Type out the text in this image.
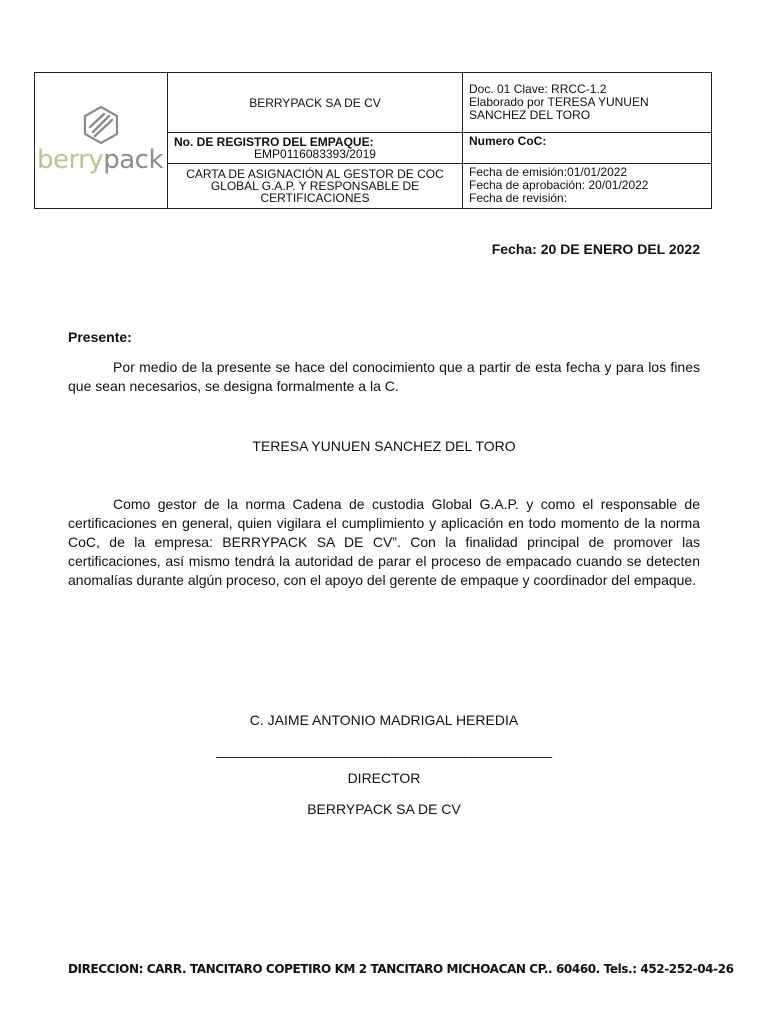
berrypack	BERRYPACK SA DE CV	Doc. 01 Clave: RRCC-1.2
Elaborado por TERESA YUNUEN SANCHEZ DEL TORO

	No. DE REGISTRO DEL EMPAQUE:
EMP0116083393/2019	Numero CoC:
	CARTA DE ASIGNACIÓN AL GESTOR DE COC GLOBAL G.A.P. Y RESPONSABLE DE CERTIFICACIONES	Fecha de emisión:01/01/2022
Fecha de aprobación: 20/01/2022
Fecha de revisión:
Fecha: 20 DE ENERO DEL 2022
Presente:
Por medio de la presente se hace del conocimiento que a partir de esta fecha y para los fines que sean necesarios, se designa formalmente a la C.
TERESA YUNUEN SANCHEZ DEL TORO
Como gestor de la norma Cadena de custodia Global G.A.P. y como el responsable de certificaciones en general, quien vigilara el cumplimiento y aplicación en todo momento de la norma CoC, de la empresa: BERRYPACK SA DE CV”. Con la finalidad principal de promover las certificaciones, así mismo tendrá la autoridad de parar el proceso de empacado cuando se detecten anomalías durante algún proceso, con el apoyo del gerente de empaque y coordinador del empaque.
C. JAIME ANTONIO MADRIGAL HEREDIA
______________________________________________
DIRECTOR
BERRYPACK SA DE CV
DIRECCION: CARR. TANCITARO COPETIRO KM 2 TANCITARO MICHOACAN CP.. 60460. Tels.: 452-252-04-26
